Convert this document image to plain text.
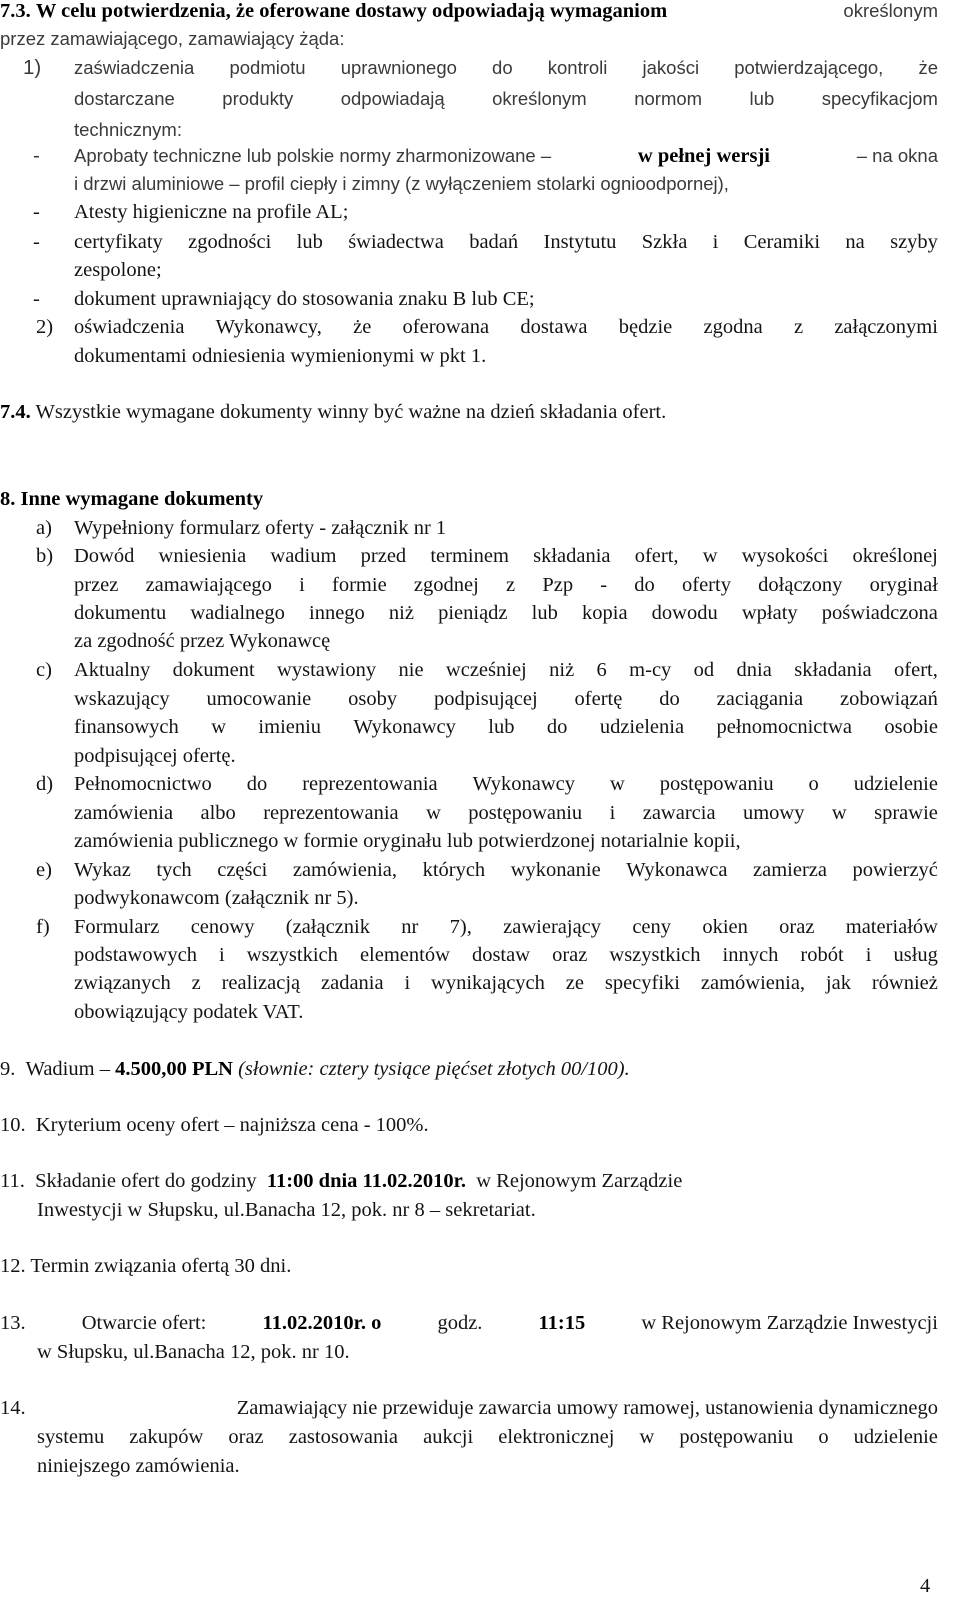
7.3. W celu potwierdzenia, że oferowane dostawy odpowiadają wymaganiom	określonym
przez zamawiającego, zamawiający żąda:
1) zaświadczenia podmiotu uprawnionego do kontroli jakości potwierdzającego, że
dostarczane	produkty	odpowiadają	określonym	normom	lub	specyfikacjom
technicznym:
- Aprobaty techniczne lub polskie normy zharmonizowane –	w pełnej wersji	– na okna
i drzwi aluminiowe – profil ciepły i zimny (z wyłączeniem stolarki ognioodpornej),
- Atesty higieniczne na profile AL;
- certyfikaty zgodności lub świadectwa badań Instytutu Szkła i Ceramiki na szyby
zespolone;
- dokument uprawniający do stosowania znaku B lub CE;
2) oświadczenia Wykonawcy, że oferowana dostawa będzie zgodna z załączonymi
dokumentami odniesienia wymienionymi w pkt 1.
7.4. Wszystkie wymagane dokumenty winny być ważne na dzień składania ofert.
8. Inne wymagane dokumenty
a) Wypełniony formularz oferty - załącznik nr 1
b) Dowód wniesienia wadium przed terminem składania ofert, w wysokości określonej
przez zamawiającego i formie zgodnej z Pzp - do oferty dołączony oryginał
dokumentu wadialnego innego niż pieniądz lub kopia dowodu wpłaty poświadczona
za zgodność przez Wykonawcę
c) Aktualny dokument wystawiony nie wcześniej niż 6 m-cy od dnia składania ofert,
wskazujący umocowanie osoby podpisującej ofertę do zaciągania zobowiązań
finansowych w imieniu Wykonawcy lub do udzielenia pełnomocnictwa osobie
podpisującej ofertę.
d) Pełnomocnictwo do reprezentowania Wykonawcy w postępowaniu o udzielenie
zamówienia albo reprezentowania w postępowaniu i zawarcia umowy w sprawie
zamówienia publicznego w formie oryginału lub potwierdzonej notarialnie kopii,
e) Wykaz tych części zamówienia, których wykonanie Wykonawca zamierza powierzyć
podwykonawcom (załącznik nr 5).
f) Formularz cenowy (załącznik nr 7), zawierający ceny okien oraz materiałów
podstawowych i wszystkich elementów dostaw oraz wszystkich innych robót i usług
związanych z realizacją zadania i wynikających ze specyfiki zamówienia, jak również
obowiązujący podatek VAT.
9. Wadium – 4.500,00 PLN (słownie: cztery tysiące pięćset złotych 00/100).
10. Kryterium oceny ofert – najniższa cena - 100%.
11. Składanie ofert do godziny 11:00 dnia 11.02.2010r. w Rejonowym Zarządzie
Inwestycji w Słupsku, ul.Banacha 12, pok. nr 8 – sekretariat.
12. Termin związania ofertą 30 dni.
13.	Otwarcie ofert:	11.02.2010r. o	godz.	11:15	w Rejonowym Zarządzie Inwestycji
w Słupsku, ul.Banacha 12, pok. nr 10.
14.	Zamawiający nie przewiduje zawarcia umowy ramowej, ustanowienia dynamicznego
systemu zakupów oraz zastosowania aukcji elektronicznej w postępowaniu o udzielenie
niniejszego zamówienia.
4
